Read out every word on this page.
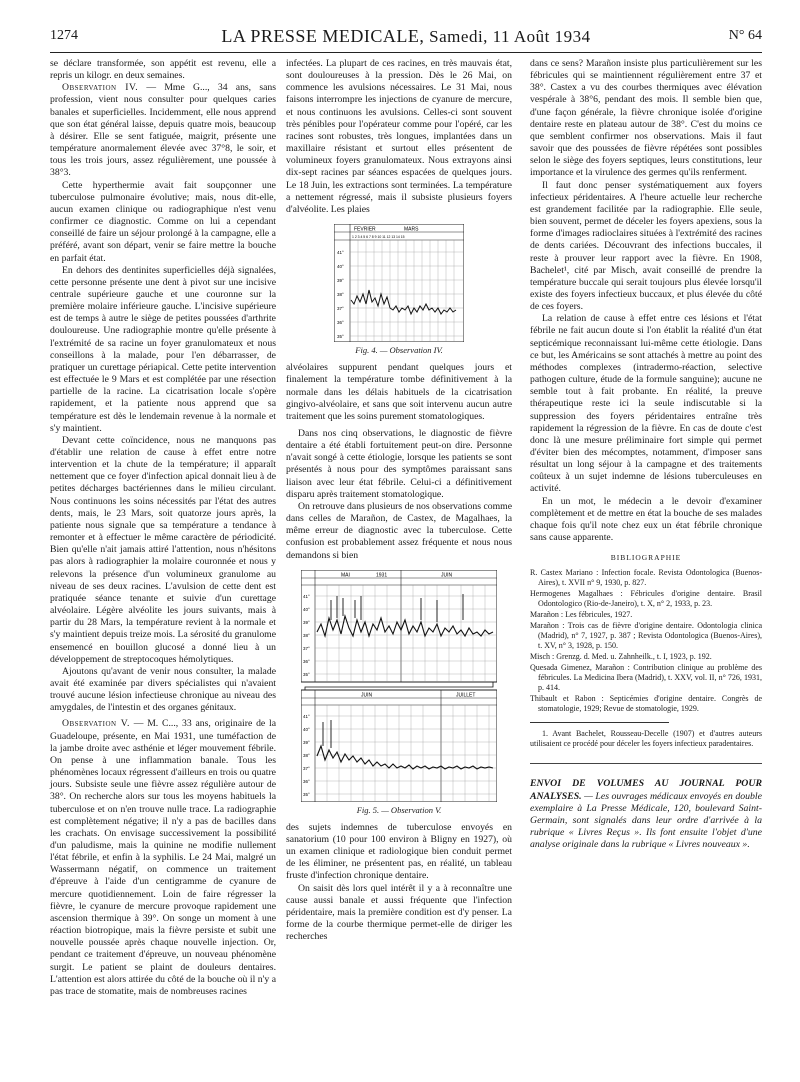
1274	LA PRESSE MEDICALE, Samedi, 11 Août 1934	N° 64

se déclare transformée, son appétit est revenu, elle a repris un kilogr. en deux semaines.

Observation IV. — Mme G..., 34 ans, sans profession, vient nous consulter pour quelques caries banales et superficielles. Incidemment, elle nous apprend que son état général laisse, depuis quatre mois, beaucoup à désirer. Elle se sent fatiguée, maigrit, présente une température anormalement élevée avec 37°8, le soir, et tous les trois jours, assez régulièrement, une poussée à 38°3.

Cette hyperthermie avait fait soupçonner une tuberculose pulmonaire évolutive; mais, nous dit-elle, aucun examen clinique ou radiographique n'est venu confirmer ce diagnostic. Comme on lui a cependant conseillé de faire un séjour prolongé à la campagne, elle a préféré, avant son départ, venir se faire mettre la bouche en parfait état.

En dehors des dentinites superficielles déjà signalées, cette personne présente une dent à pivot sur une incisive centrale supérieure gauche et une couronne sur la première molaire inférieure gauche. L'incisive supérieure est de temps à autre le siège de petites poussées d'arthrite douloureuse. Une radiographie montre qu'elle présente à l'extrémité de sa racine un foyer granulomateux et nous conseillons à la malade, pour l'en débarrasser, de pratiquer un curettage périapical. Cette petite intervention est effectuée le 9 Mars et est complétée par une résection partielle de la racine. La cicatrisation locale s'opère rapidement, et la patiente nous apprend que sa température est dès le lendemain revenue à la normale et s'y maintient.

Devant cette coïncidence, nous ne manquons pas d'établir une relation de cause à effet entre notre intervention et la chute de la température; il apparaît nettement que ce foyer d'infection apical donnait lieu à de petites décharges bactériennes dans le milieu circulant. Nous continuons les soins nécessités par l'état des autres dents, mais, le 23 Mars, soit quatorze jours après, la patiente nous signale que sa température a tendance à remonter et à effectuer le même caractère de périodicité. Bien qu'elle n'ait jamais attiré l'attention, nous n'hésitons pas alors à radiographier la molaire couronnée et nous y relevons la présence d'un volumineux granulome au niveau de ses deux racines. L'avulsion de cette dent est pratiquée séance tenante et suivie d'un curettage alvéolaire. Légère alvéolite les jours suivants, mais à partir du 28 Mars, la température revient à la normale et s'y maintient depuis treize mois. La sérosité du granulome ensemencé en bouillon glucosé a donné lieu à un développement de streptocoques hémolytiques.

Ajoutons qu'avant de venir nous consulter, la malade avait été examinée par divers spécialistes qui n'avaient trouvé aucune lésion infectieuse chronique au niveau des amygdales, de l'intestin et des organes génitaux.

Observation V. — M. C..., 33 ans, originaire de la Guadeloupe, présente, en Mai 1931, une tuméfaction de la jambe droite avec asthénie et léger mouvement fébrile. On pense à une inflammation banale. Tous les phénomènes locaux régressent d'ailleurs en trois ou quatre jours. Subsiste seule une fièvre assez régulière autour de 38°. On recherche alors sur tous les moyens habituels la tuberculose et on n'en trouve nulle trace. La radiographie est complètement négative; il n'y a pas de bacilles dans les crachats. On envisage successivement la possibilité d'un paludisme, mais la quinine ne modifie nullement l'état fébrile, et enfin à la syphilis. Le 24 Mai, malgré un Wassermann négatif, on commence un traitement d'épreuve à l'aide d'un centigramme de cyanure de mercure quotidiennement. Loin de faire régresser la fièvre, le cyanure de mercure provoque rapidement une ascension thermique à 39°. On songe un moment à une réaction biotropique, mais la fièvre persiste et subit une nouvelle poussée après chaque nouvelle injection. Or, pendant ce traitement d'épreuve, un nouveau phénomène surgit. Le patient se plaint de douleurs dentaires. L'attention est alors attirée du côté de la bouche où il n'y a pas trace de stomatite, mais de nombreuses racines

infectées. La plupart de ces racines, en très mauvais état, sont douloureuses à la pression. Dès le 26 Mai, on commence les avulsions nécessaires. Le 31 Mai, nous faisons interrompre les injections de cyanure de mercure, et nous continuons les avulsions. Celles-ci sont souvent très pénibles pour l'opérateur comme pour l'opéré, car les racines sont robustes, très longues, implantées dans un maxillaire résistant et surtout elles présentent de volumineux foyers granulomateux. Nous extrayons ainsi dix-sept racines par séances espacées de quelques jours. Le 18 Juin, les extractions sont terminées. La température a nettement régressé, mais il subsiste plusieurs foyers d'alvéolite. Les plaies

FEVRIER	MARS
1 2 3 4 5 6 7 8 9 10 11 12 13 14 15
41°
40°
39°
38°
37°
36°
35°
Fig. 4. — Observation IV.

alvéolaires suppurent pendant quelques jours et finalement la température tombe définitivement à la normale dans les délais habituels de la cicatrisation gingivo-alvéolaire, et sans que soit intervenu aucun autre traitement que les soins purement stomatologiques.

Dans nos cinq observations, le diagnostic de fièvre dentaire a été établi fortuitement peut-on dire. Personne n'avait songé à cette étiologie, lorsque les patients se sont présentés à nous pour des symptômes paraissant sans liaison avec leur état fébrile. Celui-ci a définitivement disparu après traitement stomatologique.

On retrouve dans plusieurs de nos observations comme dans celles de Marañon, de Castex, de Magalhaes, la même erreur de diagnostic avec la tuberculose. Cette confusion est probablement assez fréquente et nous nous demandons si bien

MAI	1931	JUIN
41°
40°
39°
38°
37°
36°
35°
JUIN	JUILLET
41°
40°
39°
38°
37°
36°
35°
Fig. 5. — Observation V.

des sujets indemnes de tuberculose envoyés en sanatorium (10 pour 100 environ à Bligny en 1927), où un examen clinique et radiologique bien conduit permet de les éliminer, ne présentent pas, en réalité, un tableau fruste d'infection chronique dentaire.

On saisit dès lors quel intérêt il y a à reconnaître une cause aussi banale et aussi fréquente que l'infection péridentaire, mais la première condition est d'y penser. La forme de la courbe thermique permet-elle de diriger les recherches

dans ce sens? Marañon insiste plus particulièrement sur les fébricules qui se maintiennent régulièrement entre 37 et 38°. Castex a vu des courbes thermiques avec élévation vespérale à 38°6, pendant des mois. Il semble bien que, d'une façon générale, la fièvre chronique isolée d'origine dentaire reste en plateau autour de 38°. C'est du moins ce que semblent confirmer nos observations. Mais il faut savoir que des poussées de fièvre répétées sont possibles selon le siège des foyers septiques, leurs constitutions, leur importance et la virulence des germes qu'ils renferment.

Il faut donc penser systématiquement aux foyers infectieux péridentaires. A l'heure actuelle leur recherche est grandement facilitée par la radiographie. Elle seule, bien souvent, permet de déceler les foyers apexiens, sous la forme d'images radioclaires situées à l'extrémité des racines de dents cariées. Découvrant des infections buccales, il reste à prouver leur rapport avec la fièvre. En 1908, Bachelet¹, cité par Misch, avait conseillé de prendre la température buccale qui serait toujours plus élevée lorsqu'il existe des foyers infectieux buccaux, et plus élevée du côté de ces foyers.

La relation de cause à effet entre ces lésions et l'état fébrile ne fait aucun doute si l'on établit la réalité d'un état septicémique reconnaissant lui-même cette étiologie. Dans ce but, les Américains se sont attachés à mettre au point des méthodes complexes (intradermo-réaction, selective pathogen culture, étude de la formule sanguine); aucune ne semble tout à fait probante. En réalité, la preuve thérapeutique reste ici la seule indiscutable si la suppression des foyers péridentaires entraîne très rapidement la régression de la fièvre. En cas de doute c'est donc là une mesure préliminaire fort simple qui permet d'éviter bien des mécomptes, notamment, d'imposer sans résultat un long séjour à la campagne et des traitements coûteux à un sujet indemne de lésions tuberculeuses en activité.

En un mot, le médecin a le devoir d'examiner complètement et de mettre en état la bouche de ses malades chaque fois qu'il note chez eux un état fébrile chronique sans cause apparente.

BIBLIOGRAPHIE

R. Castex Mariano : Infection focale. Revista Odontologica (Buenos-Aires), t. XVII n° 9, 1930, p. 827.

Hermogenes Magalhaes : Fébricules d'origine dentaire. Brasil Odontologico (Rio-de-Janeiro), t. X, n° 2, 1933, p. 23.

Marañon : Les fébricules, 1927.

Marañon : Trois cas de fièvre d'origine dentaire. Odontologia clinica (Madrid), n° 7, 1927, p. 387 ; Revista Odontologica (Buenos-Aires), t. XV, n° 3, 1928, p. 150.

Misch : Grenzg. d. Med. u. Zahnheilk., t. I, 1923, p. 192.

Quesada Gimenez, Marañon : Contribution clinique au problème des fébricules. La Medicina Ibera (Madrid), t. XXV, vol. II, n° 726, 1931, p. 414.

Thibault et Rabon : Septicémies d'origine dentaire. Congrès de stomatologie, 1929; Revue de stomatologie, 1929.

1. Avant Bachelet, Rousseau-Decelle (1907) et d'autres auteurs utilisaient ce procédé pour déceler les foyers infectieux paradentaires.

ENVOI DE VOLUMES AU JOURNAL POUR ANALYSES. — Les ouvrages médicaux envoyés en double exemplaire à La Presse Médicale, 120, boulevard Saint-Germain, sont signalés dans leur ordre d'arrivée à la rubrique « Livres Reçus ». Ils font ensuite l'objet d'une analyse originale dans la rubrique « Livres nouveaux ».
